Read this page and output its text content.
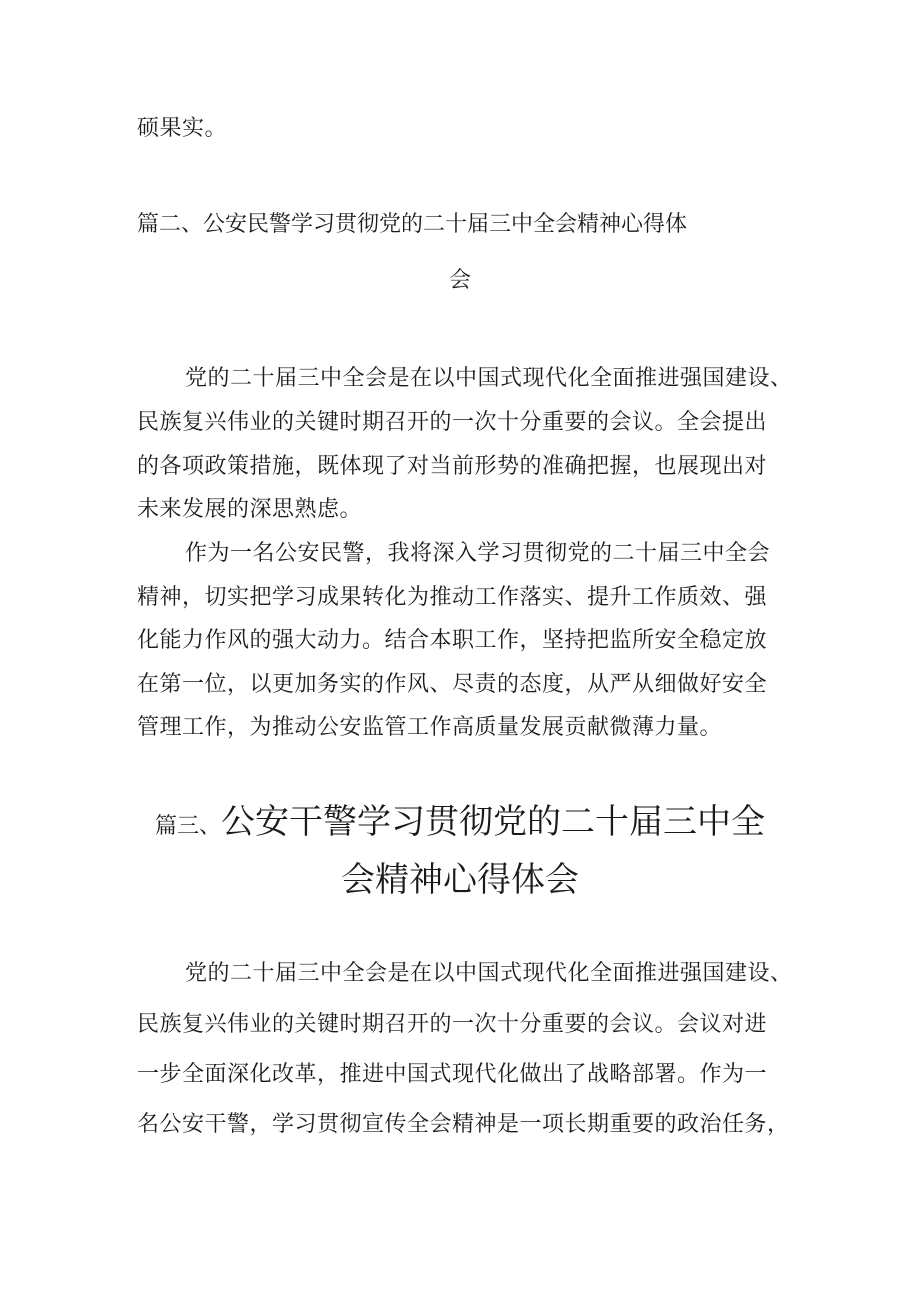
硕果实。
篇二、公安民警学习贯彻党的二十届三中全会精神心得体
会
党的二十届三中全会是在以中国式现代化全面推进强国建设、
民族复兴伟业的关键时期召开的一次十分重要的会议。全会提出
的各项政策措施，既体现了对当前形势的准确把握，也展现出对
未来发展的深思熟虑。
作为一名公安民警，我将深入学习贯彻党的二十届三中全会
精神，切实把学习成果转化为推动工作落实、提升工作质效、强
化能力作风的强大动力。结合本职工作，坚持把监所安全稳定放
在第一位，以更加务实的作风、尽责的态度，从严从细做好安全
管理工作，为推动公安监管工作高质量发展贡献微薄力量。
篇三、公安干警学习贯彻党的二十届三中全
会精神心得体会
党的二十届三中全会是在以中国式现代化全面推进强国建设、
民族复兴伟业的关键时期召开的一次十分重要的会议。会议对进
一步全面深化改革，推进中国式现代化做出了战略部署。作为一
名公安干警，学习贯彻宣传全会精神是一项长期重要的政治任务，
